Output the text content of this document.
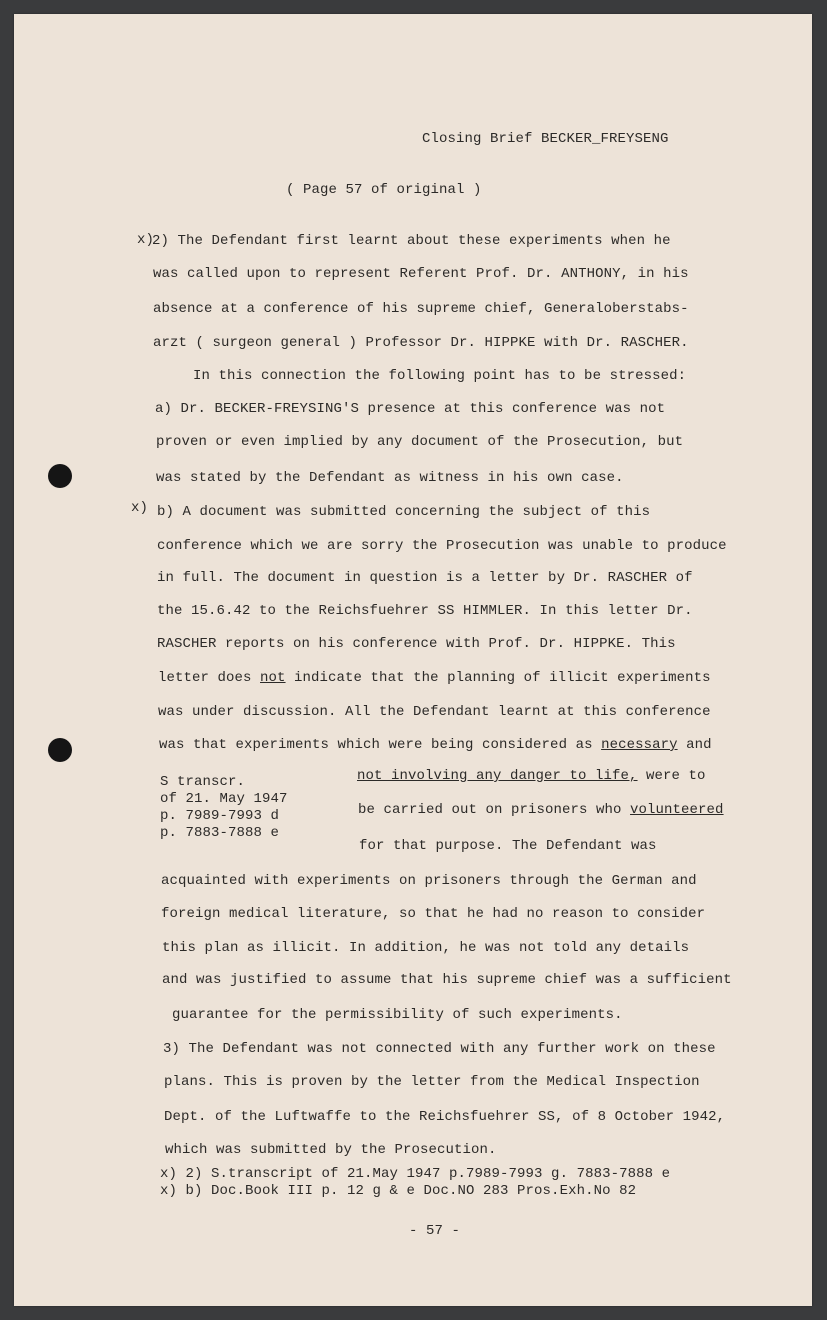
Closing Brief BECKER_FREYSENG
( Page 57 of original )
x)
2) The Defendant first learnt about these experiments when he
was called upon to represent Referent Prof. Dr. ANTHONY, in his
absence at a conference of his supreme chief, Generaloberstabs-
arzt ( surgeon general ) Professor Dr. HIPPKE with Dr. RASCHER.
In this connection the following point has to be stressed:
a) Dr. BECKER-FREYSING'S presence at this conference was not
proven or even implied by any document of the Prosecution, but
was stated by the Defendant as witness in his own case.
x) b) A document was submitted concerning the subject of this
conference which we are sorry the Prosecution was unable to produce
in full. The document in question is a letter by Dr. RASCHER of
the 15.6.42 to the Reichsfuehrer SS HIMMLER. In this letter Dr.
RASCHER reports on his conference with Prof. Dr. HIPPKE. This
letter does not indicate that the planning of illicit experiments
was under discussion. All the Defendant learnt at this conference
was that experiments which were being considered as necessary and
S transcr.
of 21. May 1947
p. 7989-7993 d
p. 7883-7888 e
not involving any danger to life, were to
be carried out on prisoners who volunteered
for that purpose. The Defendant was
acquainted with experiments on prisoners through the German and
foreign medical literature, so that he had no reason to consider
this plan as illicit. In addition, he was not told any details
and was justified to assume that his supreme chief was a sufficient
guarantee for the permissibility of such experiments.
3) The Defendant was not connected with any further work on these
plans. This is proven by the letter from the Medical Inspection
Dept. of the Luftwaffe to the Reichsfuehrer SS, of 8 October 1942,
which was submitted by the Prosecution.
x) 2) S.transcript of 21.May 1947 p.7989-7993 g. 7883-7888 e
x) b) Doc.Book III p. 12 g & e Doc.NO 283 Pros.Exh.No 82
- 57 -
